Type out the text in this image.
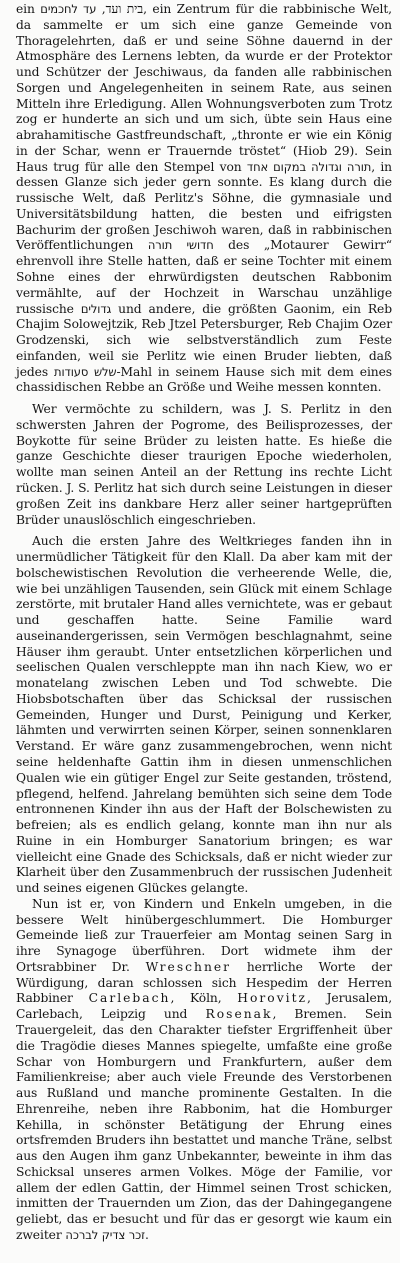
ein עד לחכמים ,בית ועד, ein Zentrum für die rabbinische Welt, da sammelte er um sich eine ganze Gemeinde von Thoragelehrten, daß er und seine Söhne dauernd in der Atmosphäre des Lernens lebten, da wurde er der Protektor und Schützer der Jeschiwaus, da fanden alle rabbinischen Sorgen und Angelegenheiten in seinem Rate, aus seinen Mitteln ihre Erledigung. Allen Wohnungsverboten zum Trotz zog er hunderte an sich und um sich, übte sein Haus eine abrahamitische Gastfreundschaft, „thronte er wie ein König in der Schar, wenn er Trauernde tröstet“ (Hiob 29). Sein Haus trug für alle den Stempel von תורה וגדולה במקום אחד, in dessen Glanze sich jeder gern sonnte. Es klang durch die russische Welt, daß Perlitz's Söhne, die gymnasiale und Universitätsbildung hatten, die besten und eifrigsten Bachurim der großen Jeschiwoh waren, daß in rabbinischen Veröffentlichungen חדושי תורה des „Motaurer Gewirr“ ehrenvoll ihre Stelle hatten, daß er seine Tochter mit einem Sohne eines der ehrwürdigsten deutschen Rabbonim vermählte, auf der Hochzeit in Warschau unzählige russische גדולים und andere, die größten Gaonim, ein Reb Chajim Solowejtzik, Reb Jtzel Petersburger, Reb Chajim Ozer Grodzenski, sich wie selbstverständlich zum Feste einfanden, weil sie Perlitz wie einen Bruder liebten, daß jedes שלש סעודות-Mahl in seinem Hause sich mit dem eines chassidischen Rebbe an Größe und Weihe messen konnten.

Wer vermöchte zu schildern, was J. S. Perlitz in den schwersten Jahren der Pogrome, des Beilisprozesses, der Boykotte für seine Brüder zu leisten hatte. Es hieße die ganze Geschichte dieser traurigen Epoche wiederholen, wollte man seinen Anteil an der Rettung ins rechte Licht rücken. J. S. Perlitz hat sich durch seine Leistungen in dieser großen Zeit ins dankbare Herz aller seiner hartgeprüften Brüder unauslöschlich eingeschrieben.

Auch die ersten Jahre des Weltkrieges fanden ihn in unermüdlicher Tätigkeit für den Klall. Da aber kam mit der bolschewistischen Revolution die verheerende Welle, die, wie bei unzähligen Tausenden, sein Glück mit einem Schlage zerstörte, mit brutaler Hand alles vernichtete, was er gebaut und geschaffen hatte. Seine Familie ward auseinandergerissen, sein Vermögen beschlagnahmt, seine Häuser ihm geraubt. Unter entsetzlichen körperlichen und seelischen Qualen verschleppte man ihn nach Kiew, wo er monatelang zwischen Leben und Tod schwebte. Die Hiobsbotschaften über das Schicksal der russischen Gemeinden, Hunger und Durst, Peinigung und Kerker, lähmten und verwirrten seinen Körper, seinen sonnenklaren Verstand. Er wäre ganz zusammengebrochen, wenn nicht seine heldenhafte Gattin ihm in diesen unmenschlichen Qualen wie ein gütiger Engel zur Seite gestanden, tröstend, pflegend, helfend. Jahrelang bemühten sich seine dem Tode entronnenen Kinder ihn aus der Haft der Bolschewisten zu befreien; als es endlich gelang, konnte man ihn nur als Ruine in ein Homburger Sanatorium bringen; es war vielleicht eine Gnade des Schicksals, daß er nicht wieder zur Klarheit über den Zusammenbruch der russischen Judenheit und seines eigenen Glückes gelangte.

Nun ist er, von Kindern und Enkeln umgeben, in die bessere Welt hinübergeschlummert. Die Homburger Gemeinde ließ zur Trauerfeier am Montag seinen Sarg in ihre Synagoge überführen. Dort widmete ihm der Ortsrabbiner Dr. Wreschner herrliche Worte der Würdigung, daran schlossen sich Hespedim der Herren Rabbiner Carlebach, Köln, Horovitz, Jerusalem, Carlebach, Leipzig und Rosenak, Bremen. Sein Trauergeleit, das den Charakter tiefster Ergriffenheit über die Tragödie dieses Mannes spiegelte, umfaßte eine große Schar von Homburgern und Frankfurtern, außer dem Familienkreise; aber auch viele Freunde des Verstorbenen aus Rußland und manche prominente Gestalten. In die Ehrenreihe, neben ihre Rabbonim, hat die Homburger Kehilla, in schönster Betätigung der Ehrung eines ortsfremden Bruders ihn bestattet und manche Träne, selbst aus den Augen ihm ganz Unbekannter, beweinte in ihm das Schicksal unseres armen Volkes. Möge der Familie, vor allem der edlen Gattin, der Himmel seinen Trost schicken, inmitten der Trauernden um Zion, das der Dahingegangene geliebt, das er besucht und für das er gesorgt wie kaum ein zweiter זכר צדיק לברכה.
